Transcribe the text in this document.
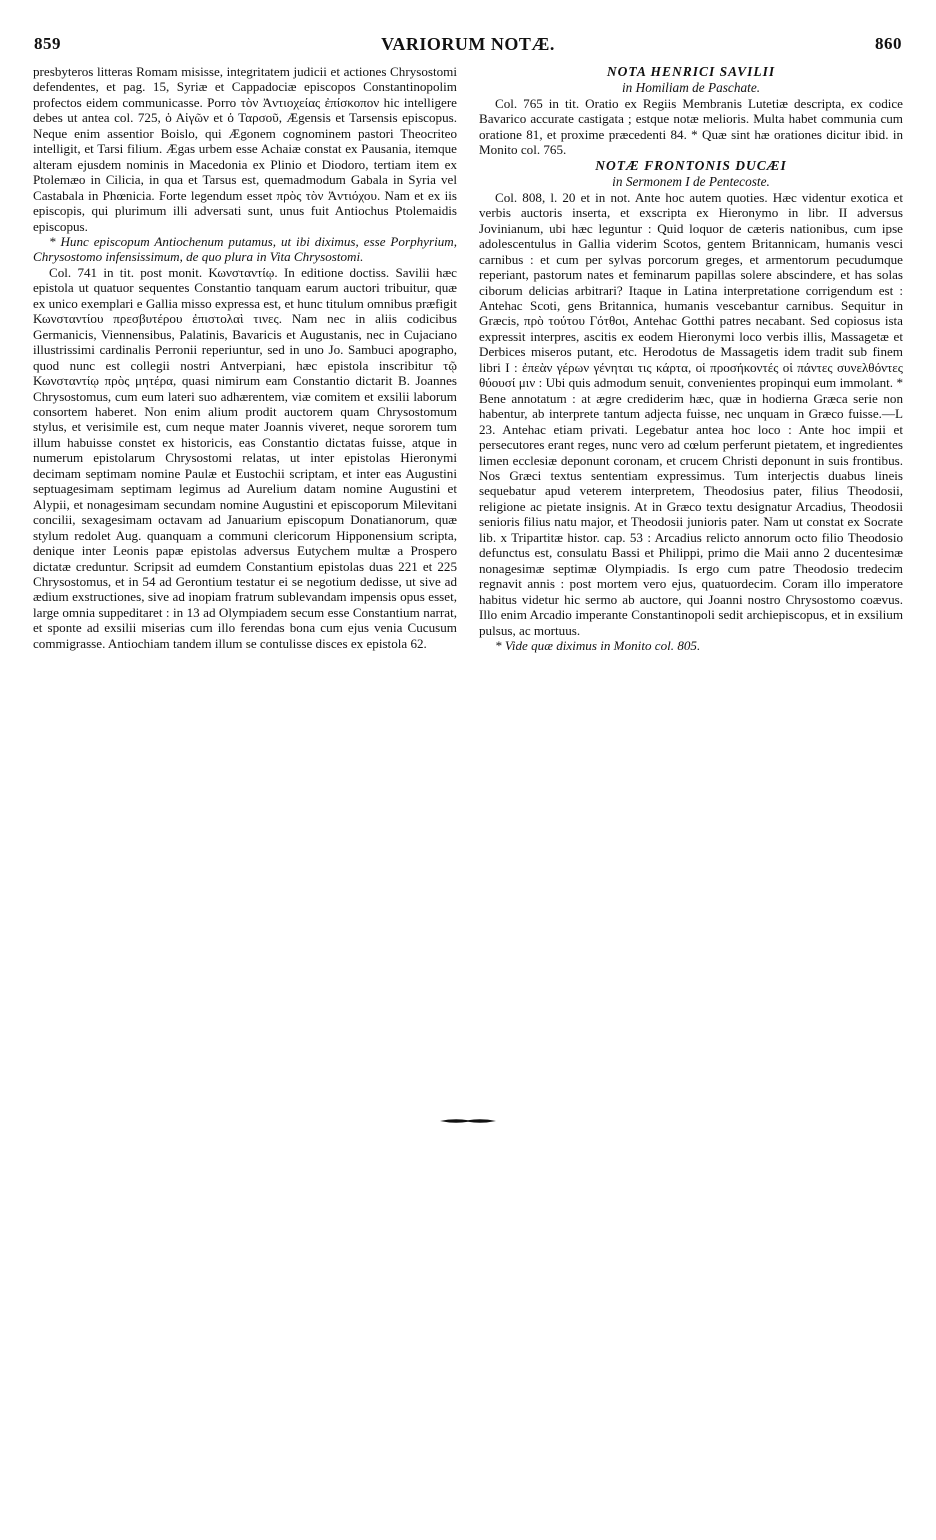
VARIORUM NOTÆ.
859	860

presbyteros litteras Romam misisse, integritatem judicii et actiones Chrysostomi defendentes, et pag. 15, Syriæ et Cappadociæ episcopos Constantinopolim profectos eidem communicasse. Porro τὸν Ἀντιοχείας ἐπίσκοπον hic intelligere debes ut antea col. 725, ὁ Αἰγῶν et ὁ Ταρσοῦ, Ægensis et Tarsensis episcopus. Neque enim assentior Boislo, qui Ægonem cognominem pastori Theocriteo intelligit, et Tarsi filium. Ægas urbem esse Achaiæ constat ex Pausania, itemque alteram ejusdem nominis in Macedonia ex Plinio et Diodoro, tertiam item ex Ptolemæo in Cilicia, in qua et Tarsus est, quemadmodum Gabala in Syria vel Castabala in Phœnicia. Forte legendum esset πρὸς τὸν Ἀντιόχου. Nam et ex iis episcopis, qui plurimum illi adversati sunt, unus fuit Antiochus Ptolemaidis episcopus.

* Hunc episcopum Antiochenum putamus, ut ibi diximus, esse Porphyrium, Chrysostomo infensissimum, de quo plura in Vita Chrysostomi.

Col. 741 in tit. post monit. Κωνσταντίῳ. In editione doctiss. Savilii hæc epistola ut quatuor sequentes Constantio tanquam earum auctori tribuitur, quæ ex unico exemplari e Gallia misso expressa est, et hunc titulum omnibus præfigit Κωνσταντίου πρεσβυτέρου ἐπιστολαὶ τινες. Nam nec in aliis codicibus Germanicis, Viennensibus, Palatinis, Bavaricis et Augustanis, nec in Cujaciano illustrissimi cardinalis Perronii reperiuntur, sed in uno Jo. Sambuci apographo, quod nunc est collegii nostri Antverpiani, hæc epistola inscribitur τῷ Κωνσταντίῳ πρὸς μητέρα, quasi nimirum eam Constantio dictarit B. Joannes Chrysostomus, cum eum lateri suo adhærentem, viæ comitem et exsilii laborum consortem haberet. Non enim alium prodit auctorem quam Chrysostomum stylus, et verisimile est, cum neque mater Joannis viveret, neque sororem tum illum habuisse constet ex historicis, eas Constantio dictatas fuisse, atque in numerum epistolarum Chrysostomi relatas, ut inter epistolas Hieronymi decimam septimam nomine Paulæ et Eustochii scriptam, et inter eas Augustini septuagesimam septimam legimus ad Aurelium datam nomine Augustini et Alypii, et nonagesimam secundam nomine Augustini et episcoporum Milevitani concilii, sexagesimam octavam ad Januarium episcopum Donatianorum, quæ stylum redolet Aug. quanquam a communi clericorum Hipponensium scripta, denique inter Leonis papæ epistolas adversus Eutychem multæ a Prospero dictatæ creduntur. Scripsit ad eumdem Constantium epistolas duas 221 et 225 Chrysostomus, et in 54 ad Gerontium testatur ei se negotium dedisse, ut sive ad ædium exstructiones, sive ad inopiam fratrum sublevandam impensis opus esset, large omnia suppeditaret : in 13 ad Olympiadem secum esse Constantium narrat, et sponte ad exsilii miserias cum illo ferendas bona cum ejus venia Cucusum commigrasse. Antiochiam tandem illum se contulisse disces ex epistola 62.

NOTA HENRICI SAVILII

in Homiliam de Paschate.

Col. 765 in tit. Oratio ex Regiis Membranis Lutetiæ descripta, ex codice Bavarico accurate castigata ; estque notæ melioris. Multa habet communia cum oratione 81, et proxime præcedenti 84. * Quæ sint hæ orationes dicitur ibid. in Monito col. 765.

NOTÆ FRONTONIS DUCÆI

in Sermonem I de Pentecoste.

Col. 808, l. 20 et in not. Ante hoc autem quoties. Hæc videntur exotica et verbis auctoris inserta, et exscripta ex Hieronymo in libr. II adversus Jovinianum, ubi hæc leguntur : Quid loquor de cæteris nationibus, cum ipse adolescentulus in Gallia viderim Scotos, gentem Britannicam, humanis vesci carnibus : et cum per sylvas porcorum greges, et armentorum pecudumque reperiant, pastorum nates et feminarum papillas solere abscindere, et has solas ciborum delicias arbitrari? Itaque in Latina interpretatione corrigendum est : Antehac Scoti, gens Britannica, humanis vescebantur carnibus. Sequitur in Græcis, πρὸ τούτου Γότθοι, Antehac Gotthi patres necabant. Sed copiosus ista expressit interpres, ascitis ex eodem Hieronymi loco verbis illis, Massagetæ et Derbices miseros putant, etc. Herodotus de Massagetis idem tradit sub finem libri I : ἐπεὰν γέρων γένηται τις κάρτα, οἱ προσήκοντές οἱ πάντες συνελθόντες θύουσί μιν : Ubi quis admodum senuit, convenientes propinqui eum immolant. * Bene annotatum : at ægre crediderim hæc, quæ in hodierna Græca serie non habentur, ab interprete tantum adjecta fuisse, nec unquam in Græco fuisse.—L 23. Antehac etiam privati. Legebatur antea hoc loco : Ante hoc impii et persecutores erant reges, nunc vero ad cœlum perferunt pietatem, et ingredientes limen ecclesiæ deponunt coronam, et crucem Christi deponunt in suis frontibus. Nos Græci textus sententiam expressimus. Tum interjectis duabus lineis sequebatur apud veterem interpretem, Theodosius pater, filius Theodosii, religione ac pietate insignis. At in Græco textu designatur Arcadius, Theodosii senioris filius natu major, et Theodosii junioris pater. Nam ut constat ex Socrate lib. x Tripartitæ histor. cap. 53 : Arcadius relicto annorum octo filio Theodosio defunctus est, consulatu Bassi et Philippi, primo die Maii anno 2 ducentesimæ nonagesimæ septimæ Olympiadis. Is ergo cum patre Theodosio tredecim regnavit annis : post mortem vero ejus, quatuordecim. Coram illo imperatore habitus videtur hic sermo ab auctore, qui Joanni nostro Chrysostomo coævus. Illo enim Arcadio imperante Constantinopoli sedit archiepiscopus, et in exsilium pulsus, ac mortuus.

* Vide quæ diximus in Monito col. 805.
